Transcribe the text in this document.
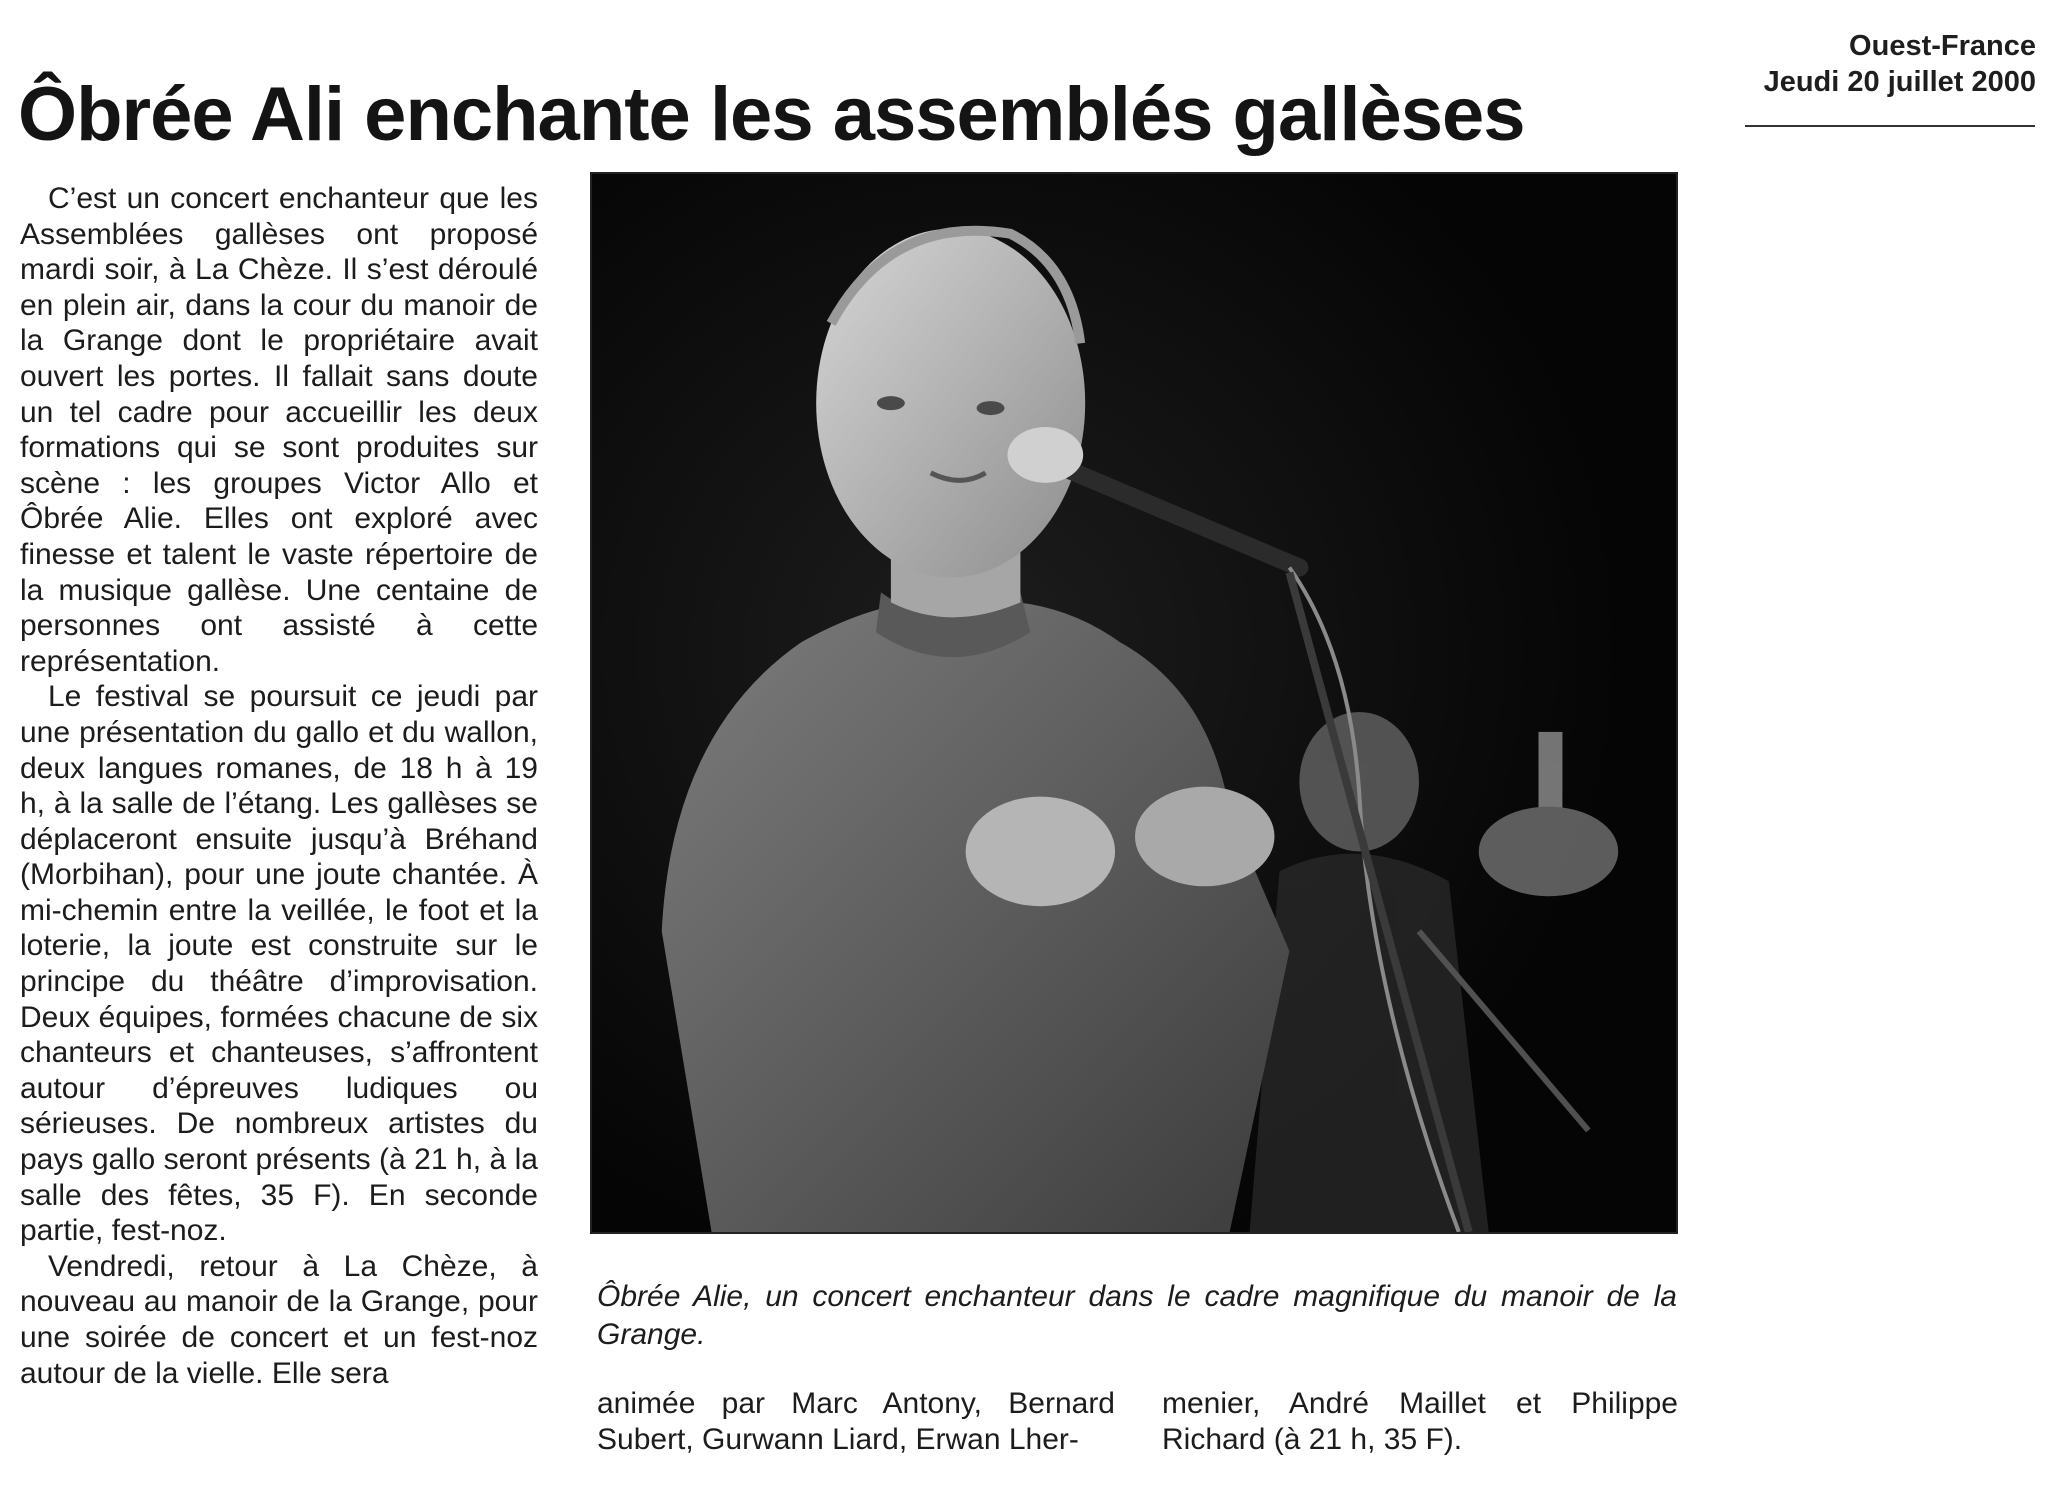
Ouest-France
Jeudi 20 juillet 2000
Ôbrée Ali enchante les assemblés gallèses

C’est un concert enchanteur que les Assemblées gallèses ont proposé mardi soir, à La Chèze. Il s’est déroulé en plein air, dans la cour du manoir de la Grange dont le propriétaire avait ouvert les portes. Il fallait sans doute un tel cadre pour accueillir les deux formations qui se sont produites sur scène : les groupes Victor Allo et Ôbrée Alie. Elles ont exploré avec finesse et talent le vaste répertoire de la musique gallèse. Une centaine de personnes ont assisté à cette représentation.

Le festival se poursuit ce jeudi par une présentation du gallo et du wallon, deux langues romanes, de 18 h à 19 h, à la salle de l’étang. Les gallèses se déplaceront ensuite jusqu’à Bréhand (Morbihan), pour une joute chantée. À mi-chemin entre la veillée, le foot et la loterie, la joute est construite sur le principe du théâtre d’improvisation. Deux équipes, formées chacune de six chanteurs et chanteuses, s’affrontent autour d’épreuves ludiques ou sérieuses. De nombreux artistes du pays gallo seront présents (à 21 h, à la salle des fêtes, 35 F). En seconde partie, fest-noz.

Vendredi, retour à La Chèze, à nouveau au manoir de la Grange, pour une soirée de concert et un fest-noz autour de la vielle. Elle sera

Ôbrée Alie, un concert enchanteur dans le cadre magnifique du manoir de la Grange.

animée par Marc Antony, Bernard Subert, Gurwann Liard, Erwan Lher-

menier, André Maillet et Philippe Richard (à 21 h, 35 F).
